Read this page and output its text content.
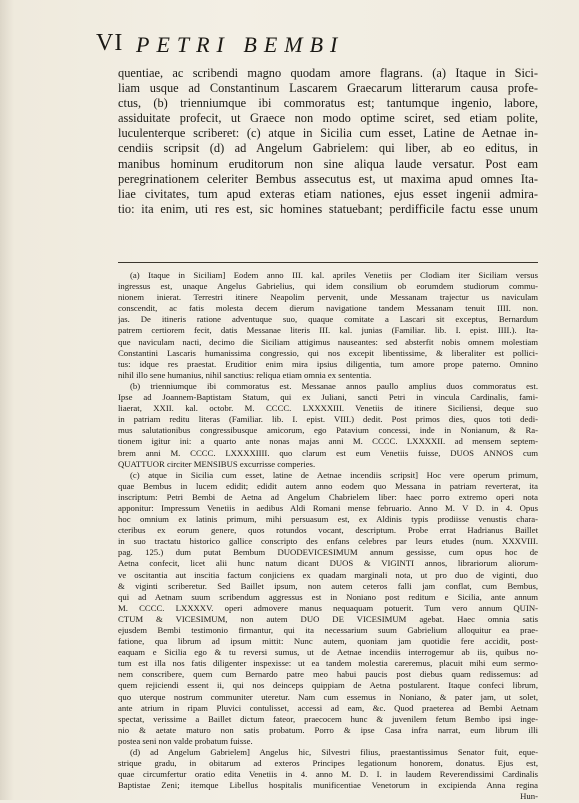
VI PETRI BEMBI
quentiae, ac scribendi magno quodam amore flagrans. (a) Itaque in Sici-
liam usque ad Constantinum Lascarem Graecarum litterarum causa profe-
ctus, (b) trienniumque ibi commoratus est; tantumque ingenio, labore,
assiduitate profecit, ut Graece non modo optime sciret, sed etiam polite,
luculenterque scriberet: (c) atque in Sicilia cum esset, Latine de Aetnae in-
cendiis scripsit (d) ad Angelum Gabrielem: qui liber, ab eo editus, in
manibus hominum eruditorum non sine aliqua laude versatur. Post eam
peregrinationem celeriter Bembus assecutus est, ut maxima apud omnes Ita-
liae civitates, tum apud exteras etiam nationes, ejus esset ingenii admira-
tio: ita enim, uti res est, sic homines statuebant; perdifficile factu esse unum
(a) Itaque in Siciliam] Eodem anno III. kal. apriles Venetiis per Clodiam iter Siciliam versus
ingressus est, unaque Angelus Gabrielius, qui idem consilium ob eorumdem studiorum commu-
nionem inierat. Terrestri itinere Neapolim pervenit, unde Messanam trajectur us naviculam
conscendit, ac fatis molesta decem dierum navigatione tandem Messanam tenuit IIII. non.
jas. De itineris ratione adventuque suo, quaque comitate a Lascari sit exceptus, Bernardum
patrem certiorem fecit, datis Messanae literis III. kal. junias (Familiar. lib. I. epist. IIII.). Ita-
que naviculam nacti, decimo die Siciliam attigimus nauseantes: sed absterfit nobis omnem molestiam
Constantini Lascaris humanissima congressio, qui nos excepit libentissime, & liberaliter est pollici-
tus: idque res praestat. Eruditior enim mira ipsius diligentia, tum amore prope paterno. Omnino
nihil illo sene humanius, nihil sanctius: reliqua etiam omnia ex sententia.
(b) trienniumque ibi commoratus est. Messanae annos paullo amplius duos commoratus est.
Ipse ad Joannem-Baptistam Statum, qui ex Juliani, sancti Petri in vincula Cardinalis, fami-
liaerat, XXII. kal. octobr. M. CCCC. LXXXXIII. Venetiis de itinere Siciliensi, deque suo
in patriam reditu literas (Familiar. lib. I. epist. VIII.) dedit. Post primos dies, quos toti dedi-
mus salutationibus congressibusque amicorum, ego Patavium concessi, inde in Nonianum, & Ra-
tionem igitur ini: a quarto ante nonas majas anni M. CCCC. LXXXXII. ad mensem septem-
brem anni M. CCCC. LXXXXIIII. quo clarum est eum Venetiis fuisse, DUOS ANNOS cum
QUATTUOR circiter MENSIBUS excurrisse comperies.
(c) atque in Sicilia cum esset, latine de Aetnae incendiis scripsit] Hoc vere operum primum,
quae Bembus in lucem edidit; edidit autem anno eodem quo Messana in patriam reverterat, ita
inscriptum: Petri Bembi de Aetna ad Angelum Chabrielem liber: haec porro extremo operi nota
apponitur: Impressum Venetiis in aedibus Aldi Romani mense februario. Anno M. V D. in 4. Opus
hoc omnium ex latinis primum, mihi persuasum est, ex Aldinis typis prodiisse venustis chara-
cteribus ex eorum genere, quos rotundos vocant, descriptum. Probe errat Hadrianus Baillet
in suo tractatu historico gallice conscripto des enfans celebres par leurs etudes (num. XXXVIII.
pag. 125.) dum putat Bembum DUODEVICESIMUM annum gessisse, cum opus hoc de
Aetna confecit, licet alii hunc natum dicant DUOS & VIGINTI annos, librariorum aliorum-
ve oscitantia aut inscitia factum conjiciens ex quadam marginali nota, ut pro duo de viginti, duo
& viginti scriberetur. Sed Baillet ipsum, non autem ceteros falli jam conflat, cum Bembus,
qui ad Aetnam suum scribendum aggressus est in Noniano post reditum e Sicilia, ante annum
M. CCCC. LXXXXV. operi admovere manus nequaquam potuerit. Tum vero annum QUIN-
CTUM & VICESIMUM, non autem DUO DE VICESIMUM agebat. Haec omnia satis
ejusdem Bembi testimonio firmantur, qui ita necessarium suum Gabrielium alloquitur ea prae-
fatione, qua librum ad ipsum mittit: Nunc autem, quoniam jam quotidie fere accidit, post-
eaquam e Sicilia ego & tu reversi sumus, ut de Aetnae incendiis interrogemur ab iis, quibus no-
tum est illa nos fatis diligenter inspexisse: ut ea tandem molestia careremus, placuit mihi eum sermo-
nem conscribere, quem cum Bernardo patre meo habui paucis post diebus quam redissemus: ad
quem rejiciendi essent ii, qui nos deinceps quippiam de Aetna postularent. Itaque confeci librum,
quo uterque nostrum communiter uteretur. Nam cum essemus in Noniano, & pater jam, ut solet,
ante atrium in ripam Pluvici contulisset, accessi ad eam, &c. Quod praeterea ad Bembi Aetnam
spectat, verissime a Baillet dictum fateor, praecocem hunc & juvenilem fetum Bembo ipsi inge-
nio & aetate maturo non satis probatum. Porro & ipse Casa infra narrat, eum librum illi
postea seni non valde probatum fuisse.
(d) ad Angelum Gabrielem] Angelus hic, Silvestri filius, praestantissimus Senator fuit, eque-
strique gradu, in obitarum ad exteros Principes legationum honorem, donatus. Ejus est,
quae circumfertur oratio edita Venetiis in 4. anno M. D. I. in laudem Reverendissimi Cardinalis
Baptistae Zeni; itemque Libellus hospitalis munificentiae Venetorum in excipienda Anna regina
Hun-
